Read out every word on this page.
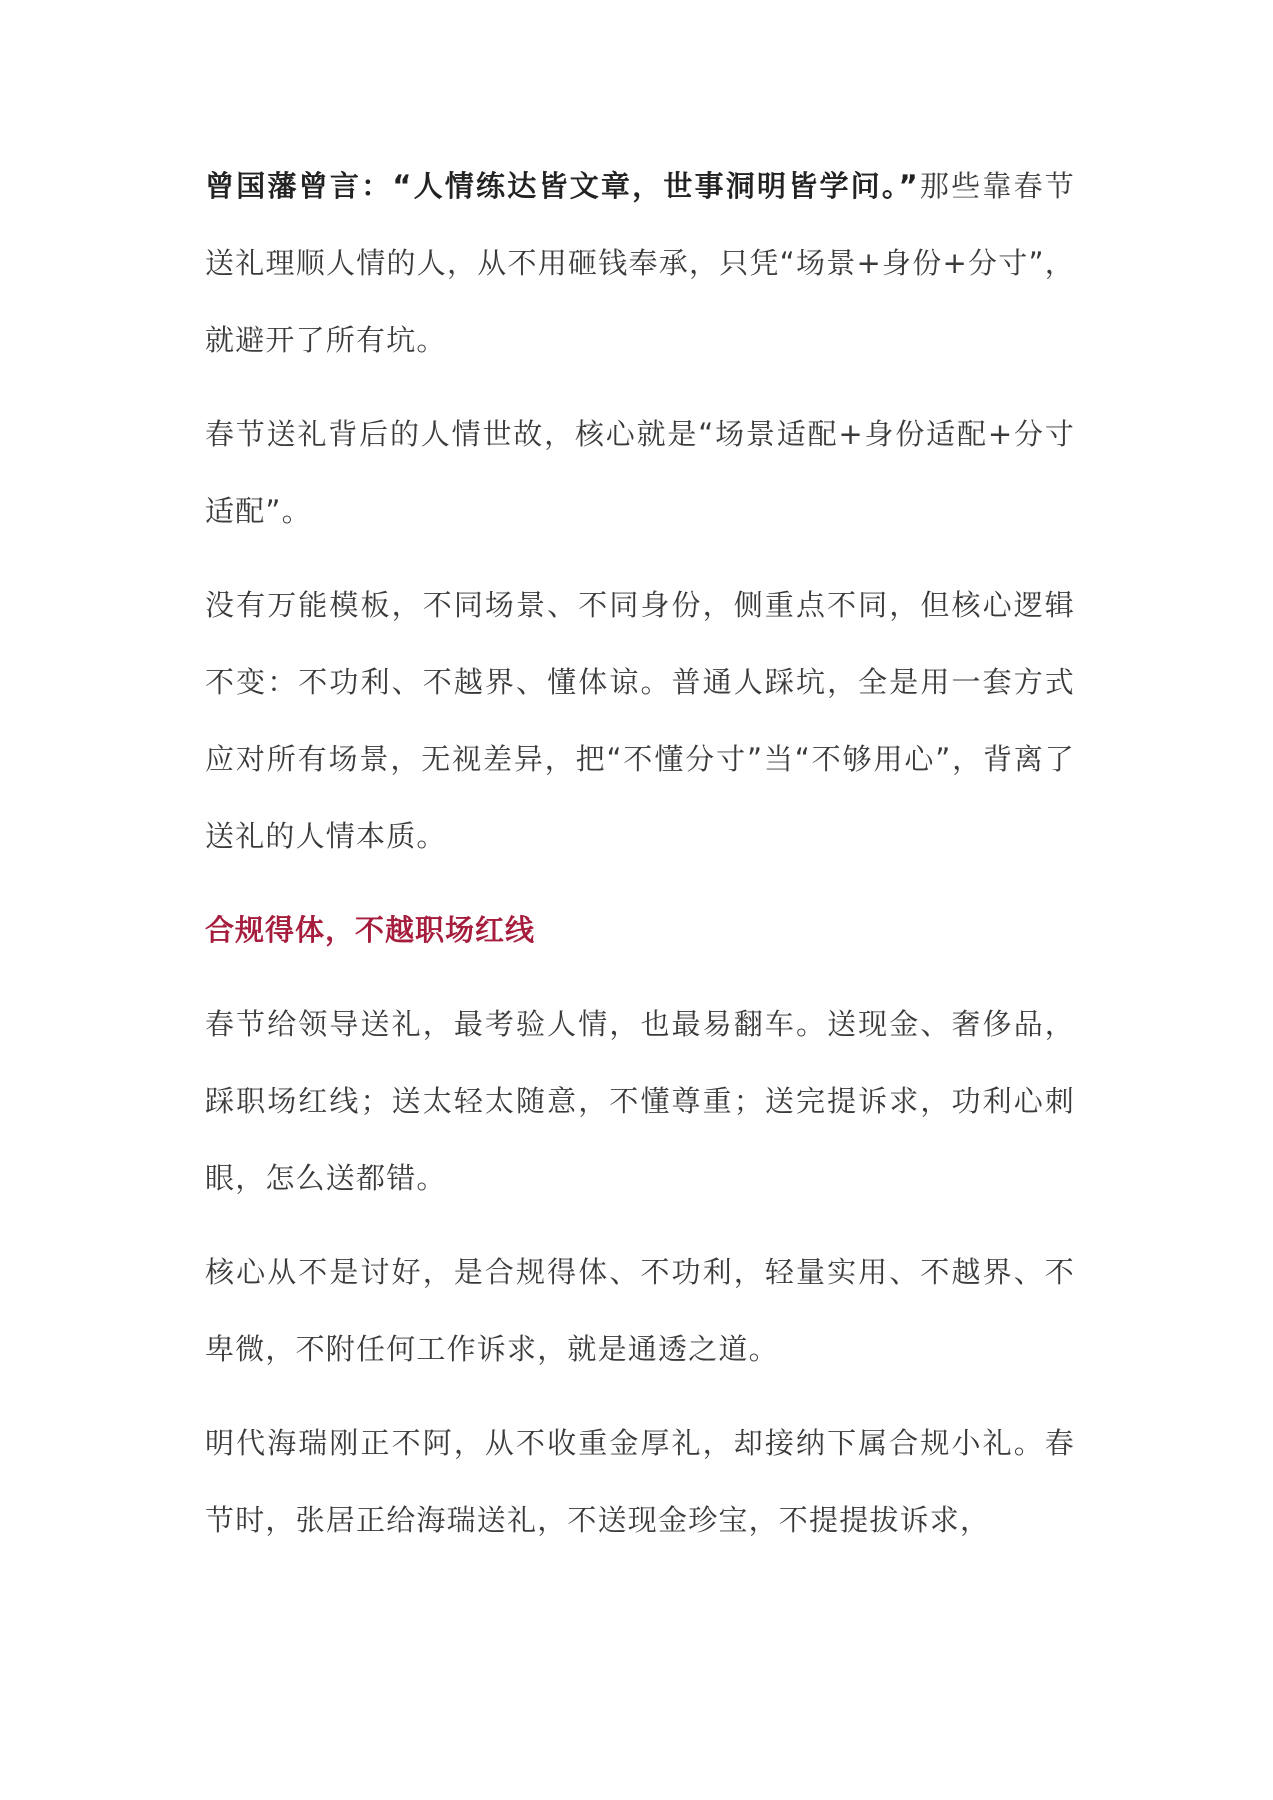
曾国藩曾言：“人情练达皆文章，世事洞明皆学问。”那些靠春节送礼理顺人情的人，从不用砸钱奉承，只凭“场景+身份+分寸”，就避开了所有坑。

春节送礼背后的人情世故，核心就是“场景适配+身份适配+分寸适配”。

没有万能模板，不同场景、不同身份，侧重点不同，但核心逻辑不变：不功利、不越界、懂体谅。普通人踩坑，全是用一套方式应对所有场景，无视差异，把“不懂分寸”当“不够用心”，背离了送礼的人情本质。

合规得体，不越职场红线

春节给领导送礼，最考验人情，也最易翻车。送现金、奢侈品，踩职场红线；送太轻太随意，不懂尊重；送完提诉求，功利心刺眼，怎么送都错。

核心从不是讨好，是合规得体、不功利，轻量实用、不越界、不卑微，不附任何工作诉求，就是通透之道。

明代海瑞刚正不阿，从不收重金厚礼，却接纳下属合规小礼。春节时，张居正给海瑞送礼，不送现金珍宝，不提提拔诉求，
